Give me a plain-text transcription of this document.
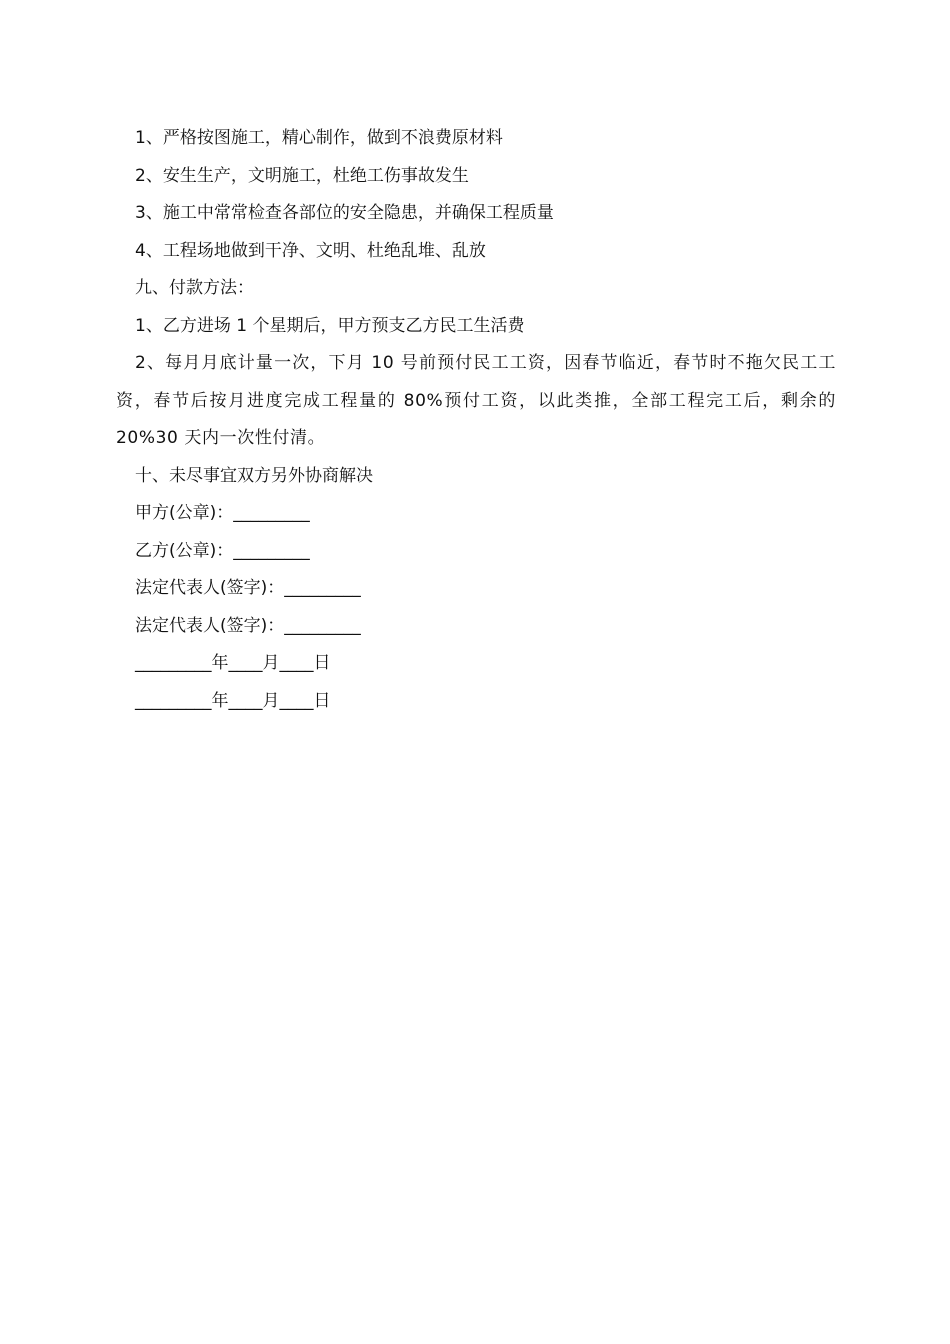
1、严格按图施工，精心制作，做到不浪费原材料
2、安生生产，文明施工，杜绝工伤事故发生
3、施工中常常检查各部位的安全隐患，并确保工程质量
4、工程场地做到干净、文明、杜绝乱堆、乱放
九、付款方法：
1、乙方进场 1 个星期后，甲方预支乙方民工生活费
2、每月月底计量一次，下月 10 号前预付民工工资，因春节临近，春节时不拖欠民工工资，春节后按月进度完成工程量的 80%预付工资，以此类推，全部工程完工后，剩余的 20%30 天内一次性付清。
十、未尽事宜双方另外协商解决
甲方(公章)：_________
乙方(公章)：_________
法定代表人(签字)：_________
法定代表人(签字)：_________
_________年____月____日
_________年____月____日
